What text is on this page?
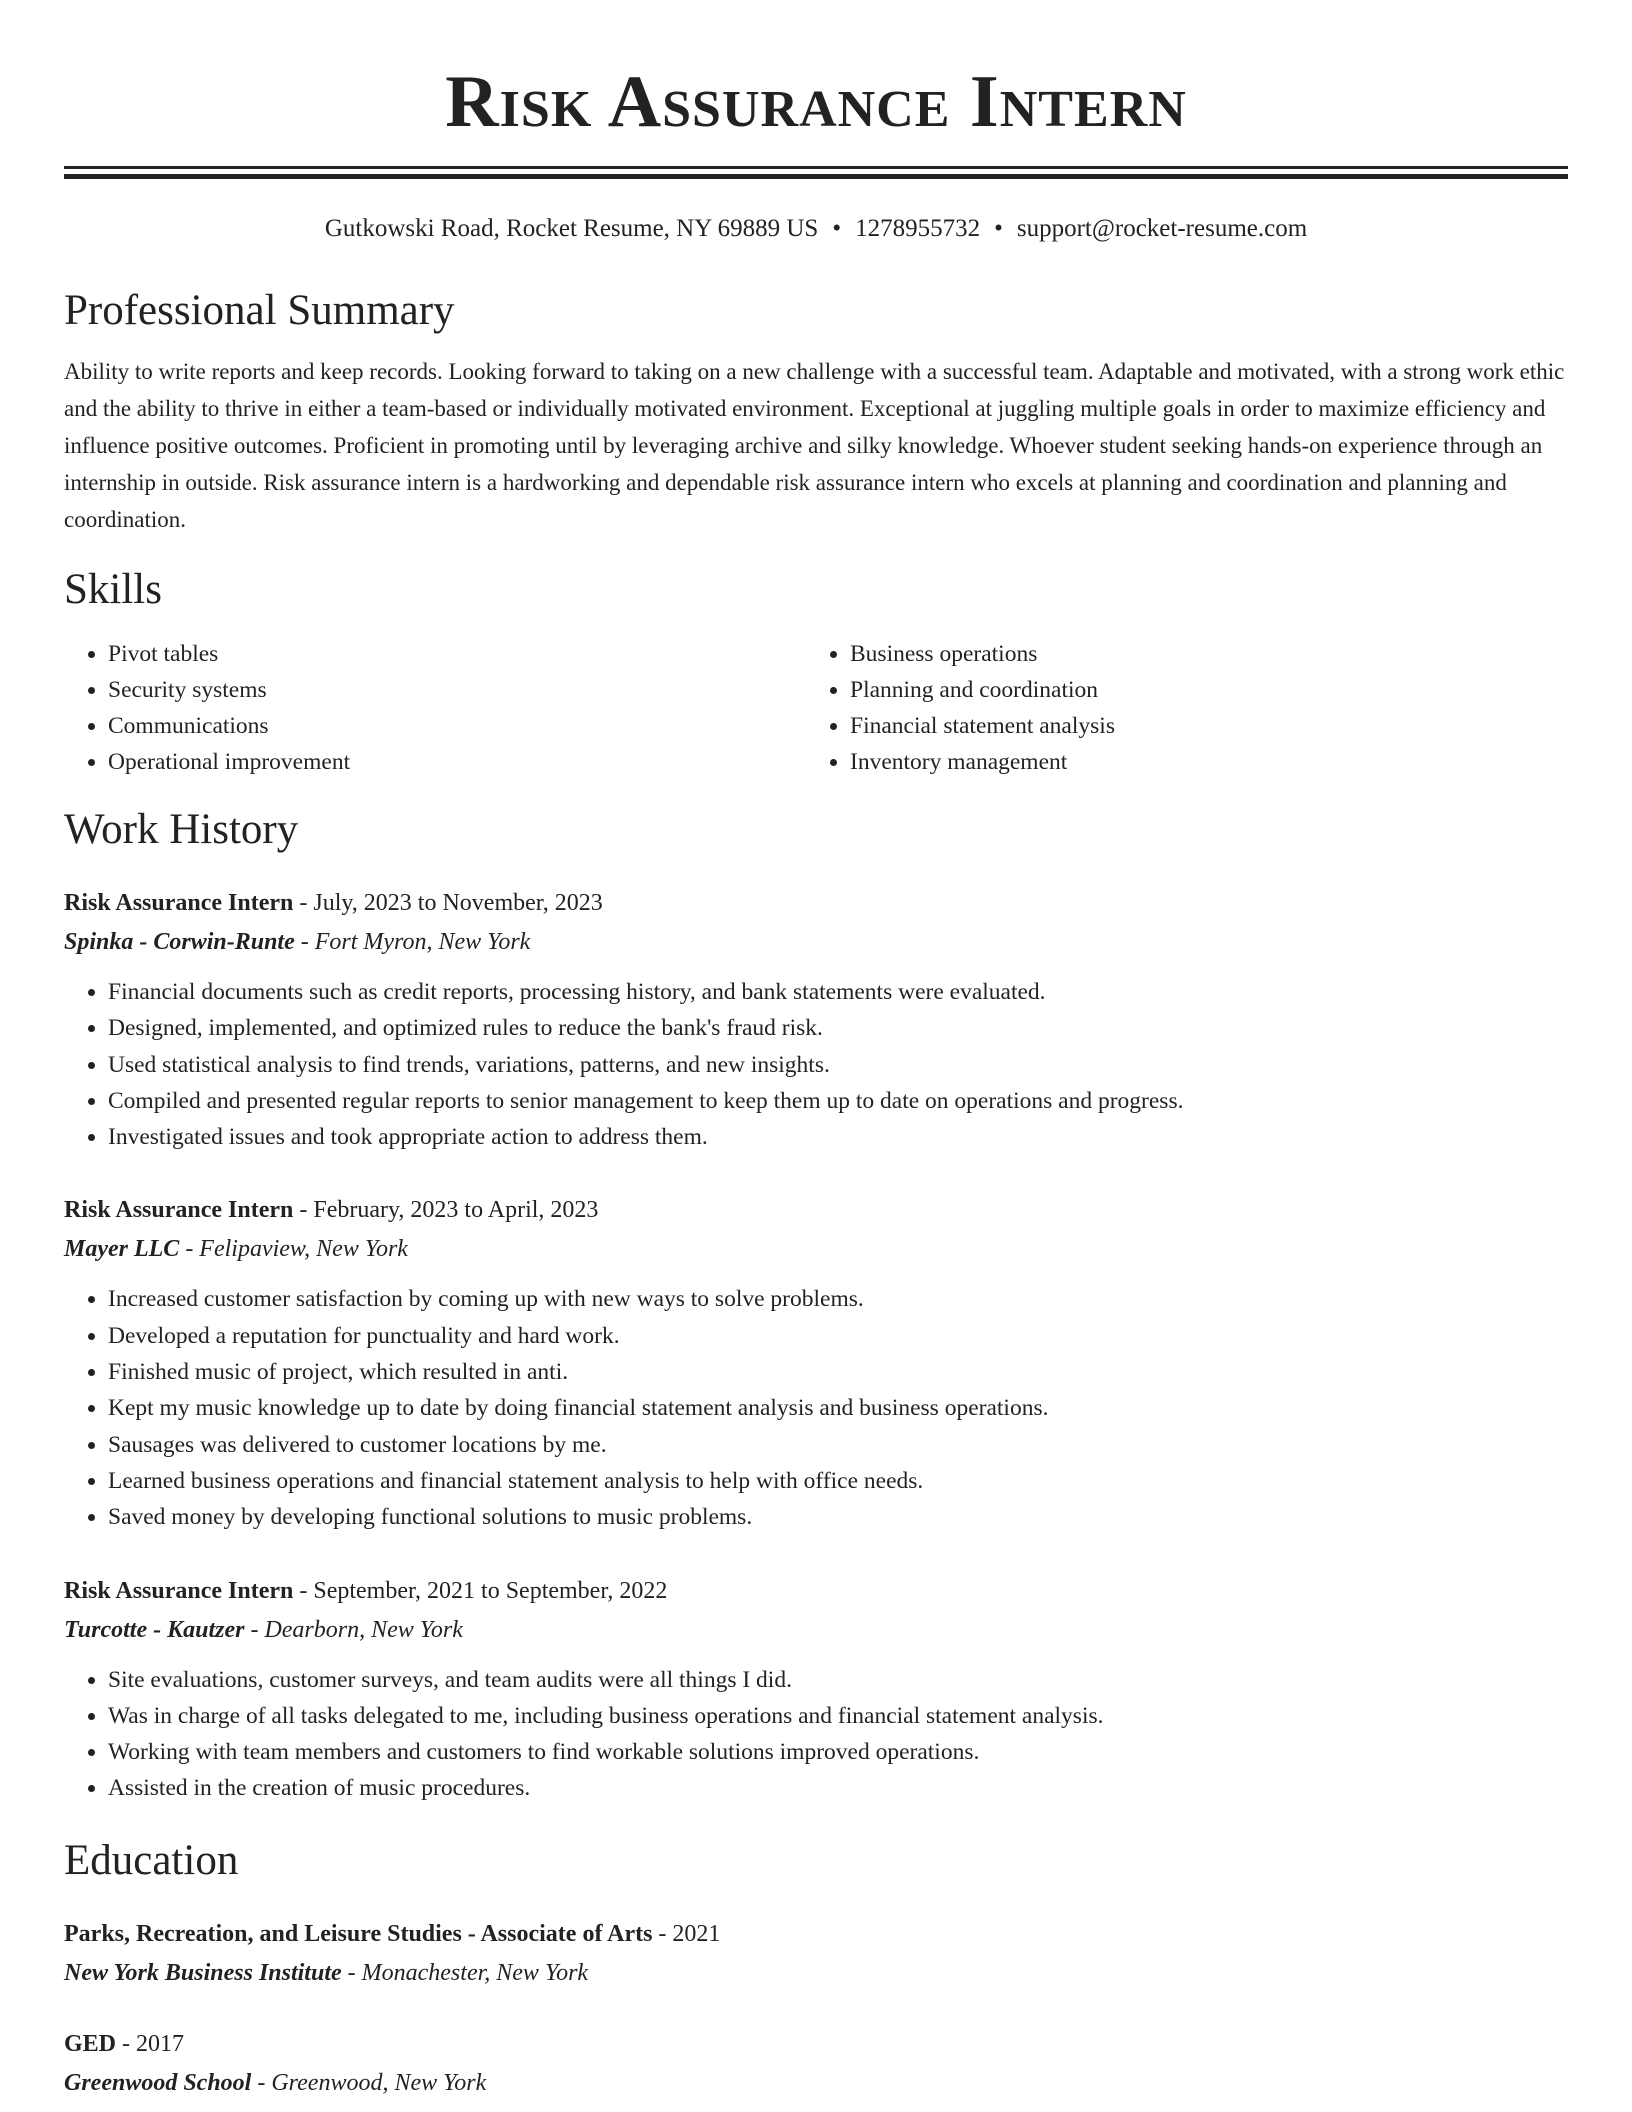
Risk Assurance Intern
Gutkowski Road, Rocket Resume, NY 69889 US • 1278955732 • support@rocket-resume.com
Professional Summary
Ability to write reports and keep records. Looking forward to taking on a new challenge with a successful team. Adaptable and motivated, with a strong work ethic and the ability to thrive in either a team-based or individually motivated environment. Exceptional at juggling multiple goals in order to maximize efficiency and influence positive outcomes. Proficient in promoting until by leveraging archive and silky knowledge. Whoever student seeking hands-on experience through an internship in outside. Risk assurance intern is a hardworking and dependable risk assurance intern who excels at planning and coordination and planning and coordination.
Skills
• Pivot tables
• Security systems
• Communications
• Operational improvement
• Business operations
• Planning and coordination
• Financial statement analysis
• Inventory management
Work History
Risk Assurance Intern - July, 2023 to November, 2023
Spinka - Corwin-Runte - Fort Myron, New York
• Financial documents such as credit reports, processing history, and bank statements were evaluated.
• Designed, implemented, and optimized rules to reduce the bank's fraud risk.
• Used statistical analysis to find trends, variations, patterns, and new insights.
• Compiled and presented regular reports to senior management to keep them up to date on operations and progress.
• Investigated issues and took appropriate action to address them.
Risk Assurance Intern - February, 2023 to April, 2023
Mayer LLC - Felipaview, New York
• Increased customer satisfaction by coming up with new ways to solve problems.
• Developed a reputation for punctuality and hard work.
• Finished music of project, which resulted in anti.
• Kept my music knowledge up to date by doing financial statement analysis and business operations.
• Sausages was delivered to customer locations by me.
• Learned business operations and financial statement analysis to help with office needs.
• Saved money by developing functional solutions to music problems.
Risk Assurance Intern - September, 2021 to September, 2022
Turcotte - Kautzer - Dearborn, New York
• Site evaluations, customer surveys, and team audits were all things I did.
• Was in charge of all tasks delegated to me, including business operations and financial statement analysis.
• Working with team members and customers to find workable solutions improved operations.
• Assisted in the creation of music procedures.
Education
Parks, Recreation, and Leisure Studies - Associate of Arts - 2021
New York Business Institute - Monachester, New York
GED - 2017
Greenwood School - Greenwood, New York
